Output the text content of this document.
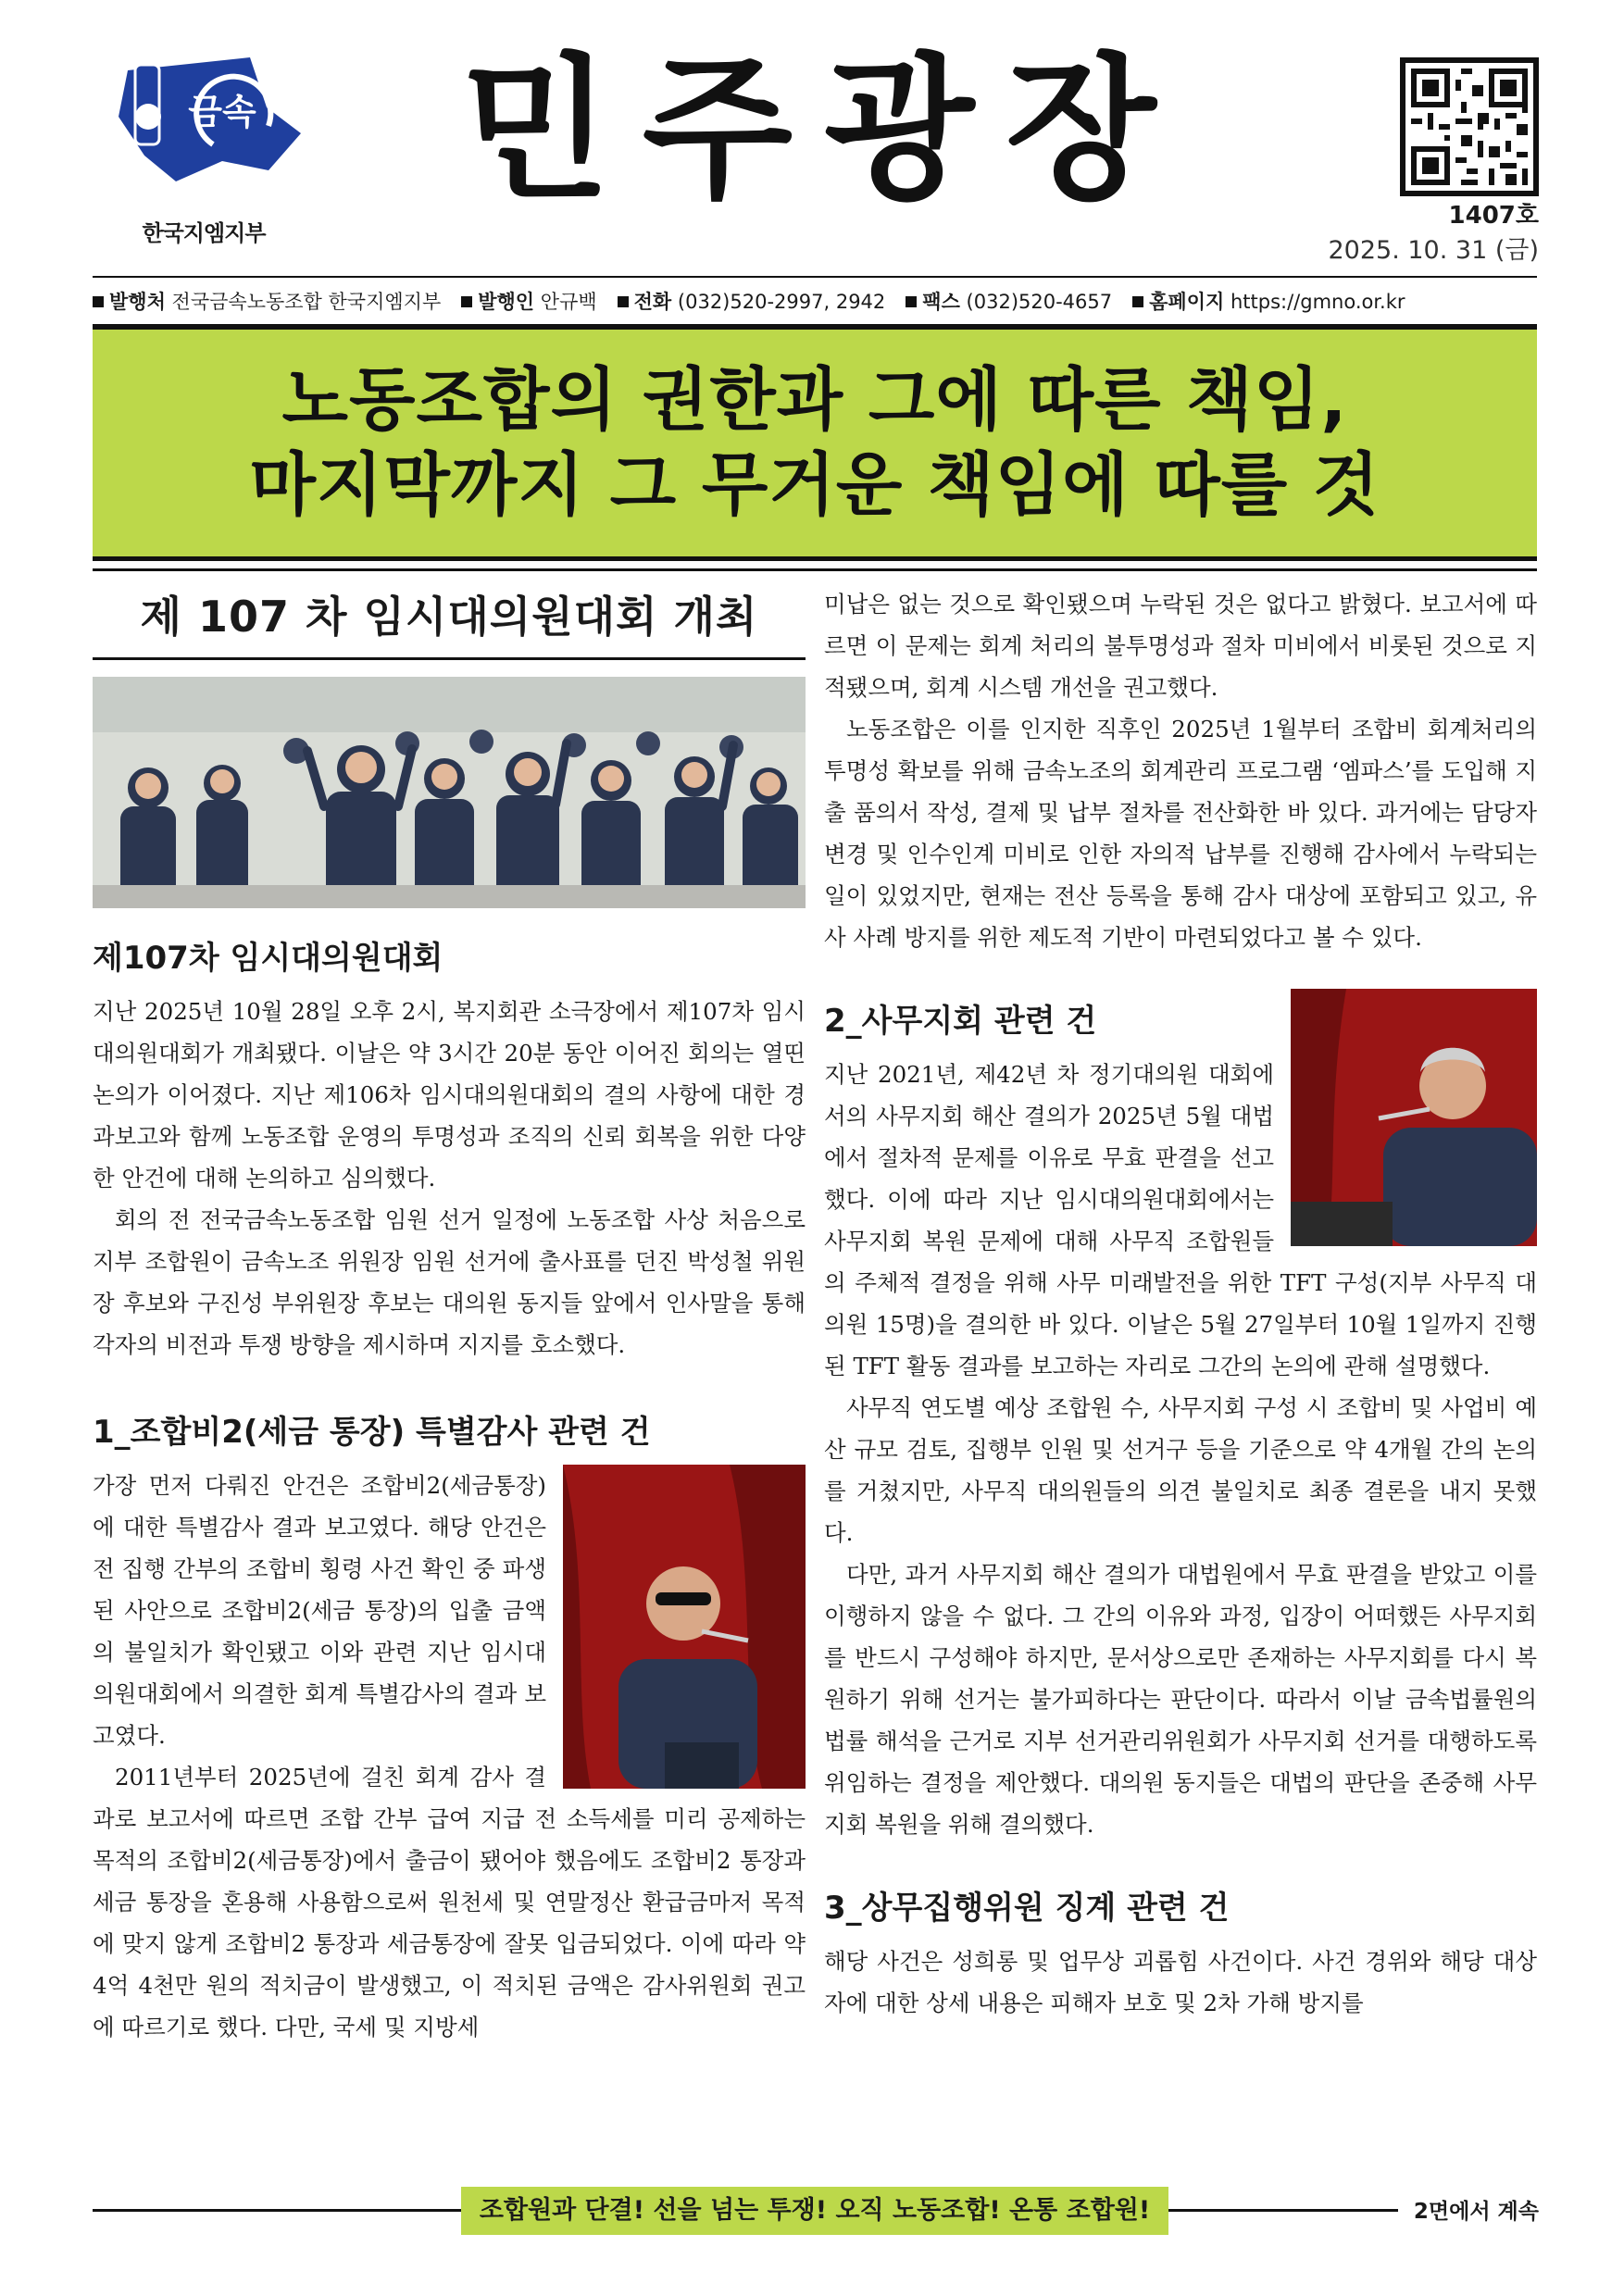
금속
한국지엠지부
민주광장	1407호
2025. 10. 31 (금)
발행처 전국금속노동조합 한국지엠지부	발행인 안규백	전화 (032)520-2997, 2942	팩스 (032)520-4657	홈페이지 https://gmno.or.kr
노동조합의 권한과 그에 따른 책임,
마지막까지 그 무거운 책임에 따를 것
제 107 차 임시대의원대회 개최
제107차 임시대의원대회

지난 2025년 10월 28일 오후 2시, 복지회관 소극장에서 제107차 임시대의원대회가 개최됐다. 이날은 약 3시간 20분 동안 이어진 회의는 열띤 논의가 이어졌다. 지난 제106차 임시대의원대회의 결의 사항에 대한 경과보고와 함께 노동조합 운영의 투명성과 조직의 신뢰 회복을 위한 다양한 안건에 대해 논의하고 심의했다.

회의 전 전국금속노동조합 임원 선거 일정에 노동조합 사상 처음으로 지부 조합원이 금속노조 위원장 임원 선거에 출사표를 던진 박성철 위원장 후보와 구진성 부위원장 후보는 대의원 동지들 앞에서 인사말을 통해 각자의 비전과 투쟁 방향을 제시하며 지지를 호소했다.

1_조합비2(세금 통장) 특별감사 관련 건

가장 먼저 다뤄진 안건은 조합비2(세금통장)에 대한 특별감사 결과 보고였다. 해당 안건은 전 집행 간부의 조합비 횡령 사건 확인 중 파생된 사안으로 조합비2(세금 통장)의 입출 금액의 불일치가 확인됐고 이와 관련 지난 임시대의원대회에서 의결한 회계 특별감사의 결과 보고였다.

2011년부터 2025년에 걸친 회계 감사 결과로 보고서에 따르면 조합 간부 급여 지급 전 소득세를 미리 공제하는 목적의 조합비2(세금통장)에서 출금이 됐어야 했음에도 조합비2 통장과 세금 통장을 혼용해 사용함으로써 원천세 및 연말정산 환급금마저 목적에 맞지 않게 조합비2 통장과 세금통장에 잘못 입금되었다. 이에 따라 약 4억 4천만 원의 적치금이 발생했고, 이 적치된 금액은 감사위원회 권고에 따르기로 했다. 다만, 국세 및 지방세

미납은 없는 것으로 확인됐으며 누락된 것은 없다고 밝혔다. 보고서에 따르면 이 문제는 회계 처리의 불투명성과 절차 미비에서 비롯된 것으로 지적됐으며, 회계 시스템 개선을 권고했다.

노동조합은 이를 인지한 직후인 2025년 1월부터 조합비 회계처리의 투명성 확보를 위해 금속노조의 회계관리 프로그램 ‘엠파스’를 도입해 지출 품의서 작성, 결제 및 납부 절차를 전산화한 바 있다. 과거에는 담당자 변경 및 인수인계 미비로 인한 자의적 납부를 진행해 감사에서 누락되는 일이 있었지만, 현재는 전산 등록을 통해 감사 대상에 포함되고 있고, 유사 사례 방지를 위한 제도적 기반이 마련되었다고 볼 수 있다.

2_사무지회 관련 건

지난 2021년, 제42년 차 정기대의원 대회에서의 사무지회 해산 결의가 2025년 5월 대법에서 절차적 문제를 이유로 무효 판결을 선고했다. 이에 따라 지난 임시대의원대회에서는 사무지회 복원 문제에 대해 사무직 조합원들의 주체적 결정을 위해 사무 미래발전을 위한 TFT 구성(지부 사무직 대의원 15명)을 결의한 바 있다. 이날은 5월 27일부터 10월 1일까지 진행된 TFT 활동 결과를 보고하는 자리로 그간의 논의에 관해 설명했다.

사무직 연도별 예상 조합원 수, 사무지회 구성 시 조합비 및 사업비 예산 규모 검토, 집행부 인원 및 선거구 등을 기준으로 약 4개월 간의 논의를 거쳤지만, 사무직 대의원들의 의견 불일치로 최종 결론을 내지 못했다.

다만, 과거 사무지회 해산 결의가 대법원에서 무효 판결을 받았고 이를 이행하지 않을 수 없다. 그 간의 이유와 과정, 입장이 어떠했든 사무지회를 반드시 구성해야 하지만, 문서상으로만 존재하는 사무지회를 다시 복원하기 위해 선거는 불가피하다는 판단이다. 따라서 이날 금속법률원의 법률 해석을 근거로 지부 선거관리위원회가 사무지회 선거를 대행하도록 위임하는 결정을 제안했다. 대의원 동지들은 대법의 판단을 존중해 사무지회 복원을 위해 결의했다.

3_상무집행위원 징계 관련 건

해당 사건은 성희롱 및 업무상 괴롭힘 사건이다. 사건 경위와 해당 대상자에 대한 상세 내용은 피해자 보호 및 2차 가해 방지를

조합원과 단결! 선을 넘는 투쟁! 오직 노동조합! 온통 조합원!	2면에서 계속
